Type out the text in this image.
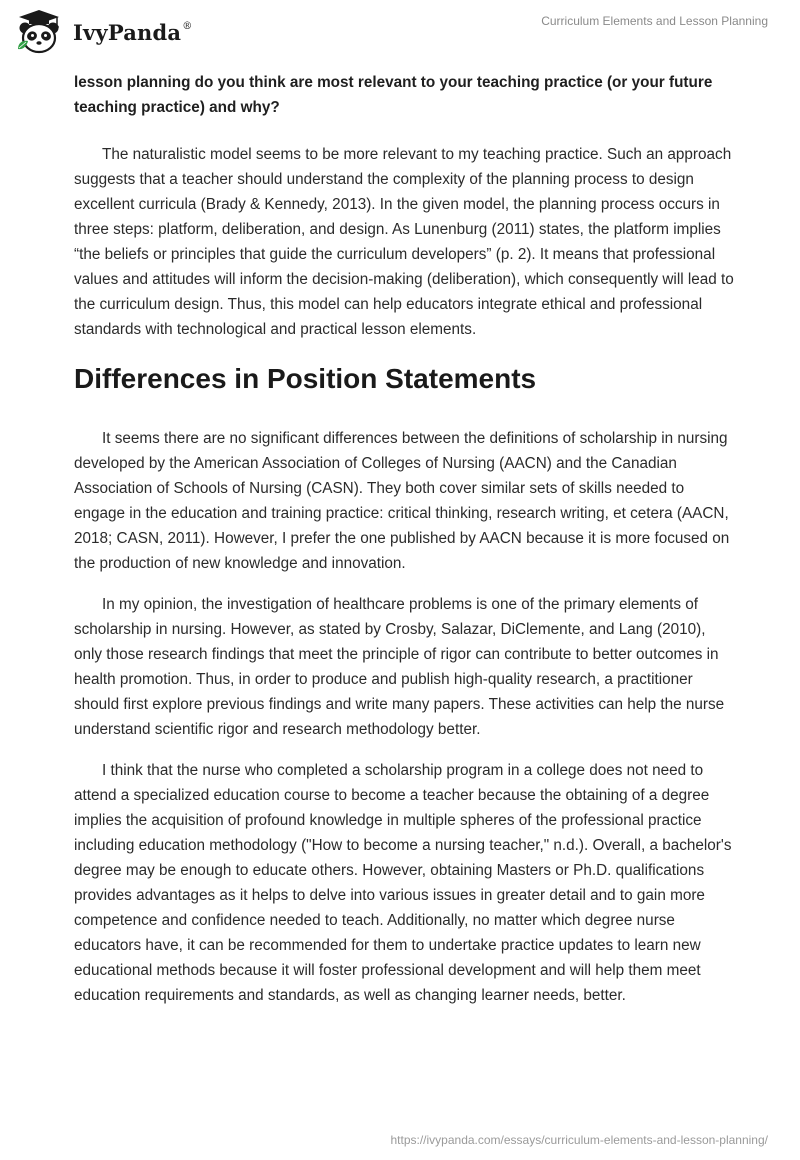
IvyPanda®	Curriculum Elements and Lesson Planning
lesson planning do you think are most relevant to your teaching practice (or your future teaching practice) and why?

The naturalistic model seems to be more relevant to my teaching practice. Such an approach suggests that a teacher should understand the complexity of the planning process to design excellent curricula (Brady & Kennedy, 2013). In the given model, the planning process occurs in three steps: platform, deliberation, and design. As Lunenburg (2011) states, the platform implies “the beliefs or principles that guide the curriculum developers” (p. 2). It means that professional values and attitudes will inform the decision-making (deliberation), which consequently will lead to the curriculum design. Thus, this model can help educators integrate ethical and professional standards with technological and practical lesson elements.

Differences in Position Statements

It seems there are no significant differences between the definitions of scholarship in nursing developed by the American Association of Colleges of Nursing (AACN) and the Canadian Association of Schools of Nursing (CASN). They both cover similar sets of skills needed to engage in the education and training practice: critical thinking, research writing, et cetera (AACN, 2018; CASN, 2011). However, I prefer the one published by AACN because it is more focused on the production of new knowledge and innovation.

In my opinion, the investigation of healthcare problems is one of the primary elements of scholarship in nursing. However, as stated by Crosby, Salazar, DiClemente, and Lang (2010), only those research findings that meet the principle of rigor can contribute to better outcomes in health promotion. Thus, in order to produce and publish high-quality research, a practitioner should first explore previous findings and write many papers. These activities can help the nurse understand scientific rigor and research methodology better.

I think that the nurse who completed a scholarship program in a college does not need to attend a specialized education course to become a teacher because the obtaining of a degree implies the acquisition of profound knowledge in multiple spheres of the professional practice including education methodology ("How to become a nursing teacher," n.d.). Overall, a bachelor's degree may be enough to educate others. However, obtaining Masters or Ph.D. qualifications provides advantages as it helps to delve into various issues in greater detail and to gain more competence and confidence needed to teach. Additionally, no matter which degree nurse educators have, it can be recommended for them to undertake practice updates to learn new educational methods because it will foster professional development and will help them meet education requirements and standards, as well as changing learner needs, better.

https://ivypanda.com/essays/curriculum-elements-and-lesson-planning/
